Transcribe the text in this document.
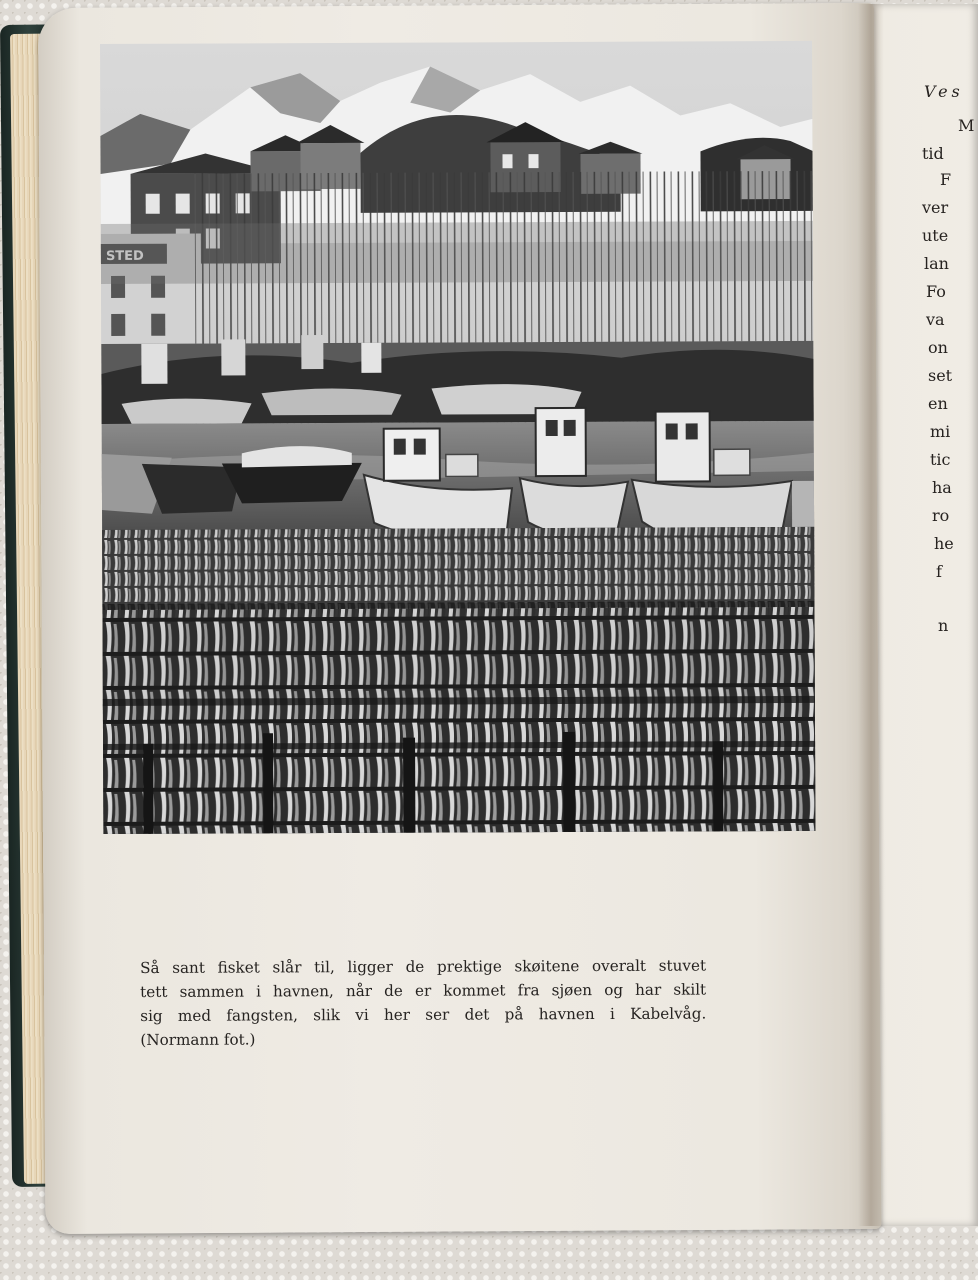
Ves
M
tid
F
ver
ute
lan
Fo
va
on
set
en
mi
tic
ha
ro
he
f
n
STED
Så sant fisket slår til, ligger de prektige skøitene overalt stuvet
tett sammen i havnen, når de er kommet fra sjøen og har skilt
sig med fangsten, slik vi her ser det på havnen i Kabelvåg.
(Normann fot.)
